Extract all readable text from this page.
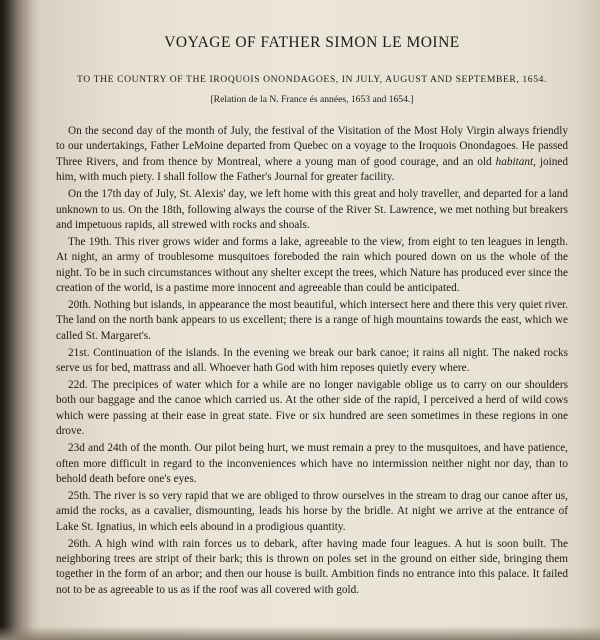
VOYAGE OF FATHER SIMON LE MOINE
TO THE COUNTRY OF THE IROQUOIS ONONDAGOES, IN JULY, AUGUST AND SEPTEMBER, 1654.
[Relation de la N. France és années, 1653 and 1654.]

On the second day of the month of July, the festival of the Visitation of the Most Holy Virgin always friendly to our undertakings, Father LeMoine departed from Quebec on a voyage to the Iroquois Onondagoes. He passed Three Rivers, and from thence by Montreal, where a young man of good courage, and an old habitant, joined him, with much piety. I shall follow the Father's Journal for greater facility.

On the 17th day of July, St. Alexis' day, we left home with this great and holy traveller, and departed for a land unknown to us. On the 18th, following always the course of the River St. Lawrence, we met nothing but breakers and impetuous rapids, all strewed with rocks and shoals.

The 19th. This river grows wider and forms a lake, agreeable to the view, from eight to ten leagues in length. At night, an army of troublesome musquitoes foreboded the rain which poured down on us the whole of the night. To be in such circumstances without any shelter except the trees, which Nature has produced ever since the creation of the world, is a pastime more innocent and agreeable than could be anticipated.

20th. Nothing but islands, in appearance the most beautiful, which intersect here and there this very quiet river. The land on the north bank appears to us excellent; there is a range of high mountains towards the east, which we called St. Margaret's.

21st. Continuation of the islands. In the evening we break our bark canoe; it rains all night. The naked rocks serve us for bed, mattrass and all. Whoever hath God with him reposes quietly every where.

22d. The precipices of water which for a while are no longer navigable oblige us to carry on our shoulders both our baggage and the canoe which carried us. At the other side of the rapid, I perceived a herd of wild cows which were passing at their ease in great state. Five or six hundred are seen sometimes in these regions in one drove.

23d and 24th of the month. Our pilot being hurt, we must remain a prey to the musquitoes, and have patience, often more difficult in regard to the inconveniences which have no intermission neither night nor day, than to behold death before one's eyes.

25th. The river is so very rapid that we are obliged to throw ourselves in the stream to drag our canoe after us, amid the rocks, as a cavalier, dismounting, leads his horse by the bridle. At night we arrive at the entrance of Lake St. Ignatius, in which eels abound in a prodigious quantity.

26th. A high wind with rain forces us to debark, after having made four leagues. A hut is soon built. The neighboring trees are stript of their bark; this is thrown on poles set in the ground on either side, bringing them together in the form of an arbor; and then our house is built. Ambition finds no entrance into this palace. It failed not to be as agreeable to us as if the roof was all covered with gold.
